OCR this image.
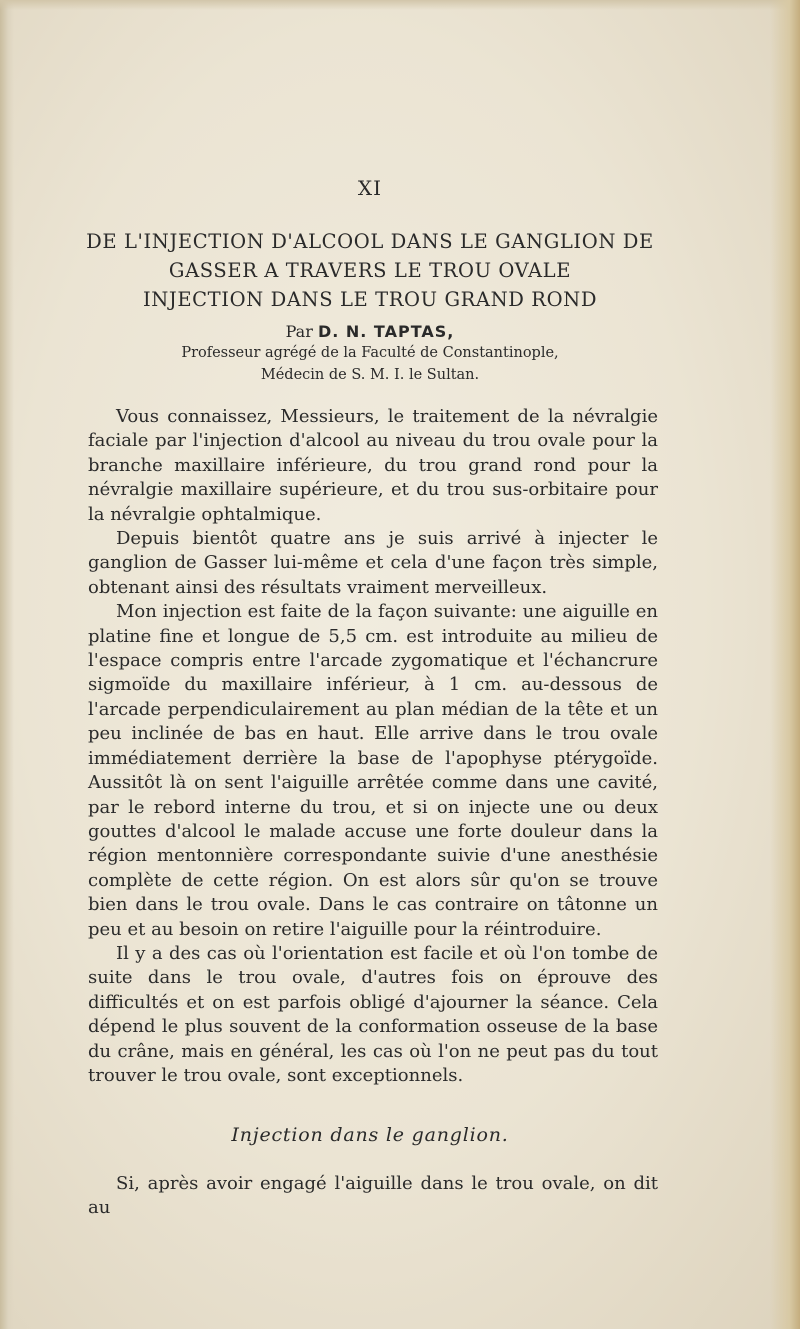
XI
DE L'INJECTION D'ALCOOL DANS LE GANGLION DE
GASSER A TRAVERS LE TROU OVALE
INJECTION DANS LE TROU GRAND ROND
Par D. N. TAPTAS,
Professeur agrégé de la Faculté de Constantinople,
Médecin de S. M. I. le Sultan.

Vous connaissez, Messieurs, le traitement de la névralgie faciale par l'injection d'alcool au niveau du trou ovale pour la branche maxillaire inférieure, du trou grand rond pour la névralgie maxillaire supérieure, et du trou sus-orbitaire pour la névralgie ophtalmique.

Depuis bientôt quatre ans je suis arrivé à injecter le ganglion de Gasser lui-même et cela d'une façon très simple, obtenant ainsi des résultats vraiment merveilleux.

Mon injection est faite de la façon suivante: une aiguille en platine fine et longue de 5,5 cm. est introduite au milieu de l'espace compris entre l'arcade zygomatique et l'échancrure sigmoïde du maxillaire inférieur, à 1 cm. au-dessous de l'arcade perpendiculairement au plan médian de la tête et un peu inclinée de bas en haut. Elle arrive dans le trou ovale immédiatement derrière la base de l'apophyse ptérygoïde. Aussitôt là on sent l'aiguille arrêtée comme dans une cavité, par le rebord interne du trou, et si on injecte une ou deux gouttes d'alcool le malade accuse une forte douleur dans la région mentonnière correspondante suivie d'une anesthésie complète de cette région. On est alors sûr qu'on se trouve bien dans le trou ovale. Dans le cas contraire on tâtonne un peu et au besoin on retire l'aiguille pour la réintroduire.

Il y a des cas où l'orientation est facile et où l'on tombe de suite dans le trou ovale, d'autres fois on éprouve des difficultés et on est parfois obligé d'ajourner la séance. Cela dépend le plus souvent de la conformation osseuse de la base du crâne, mais en général, les cas où l'on ne peut pas du tout trouver le trou ovale, sont exceptionnels.

Injection dans le ganglion.

Si, après avoir engagé l'aiguille dans le trou ovale, on dit au
